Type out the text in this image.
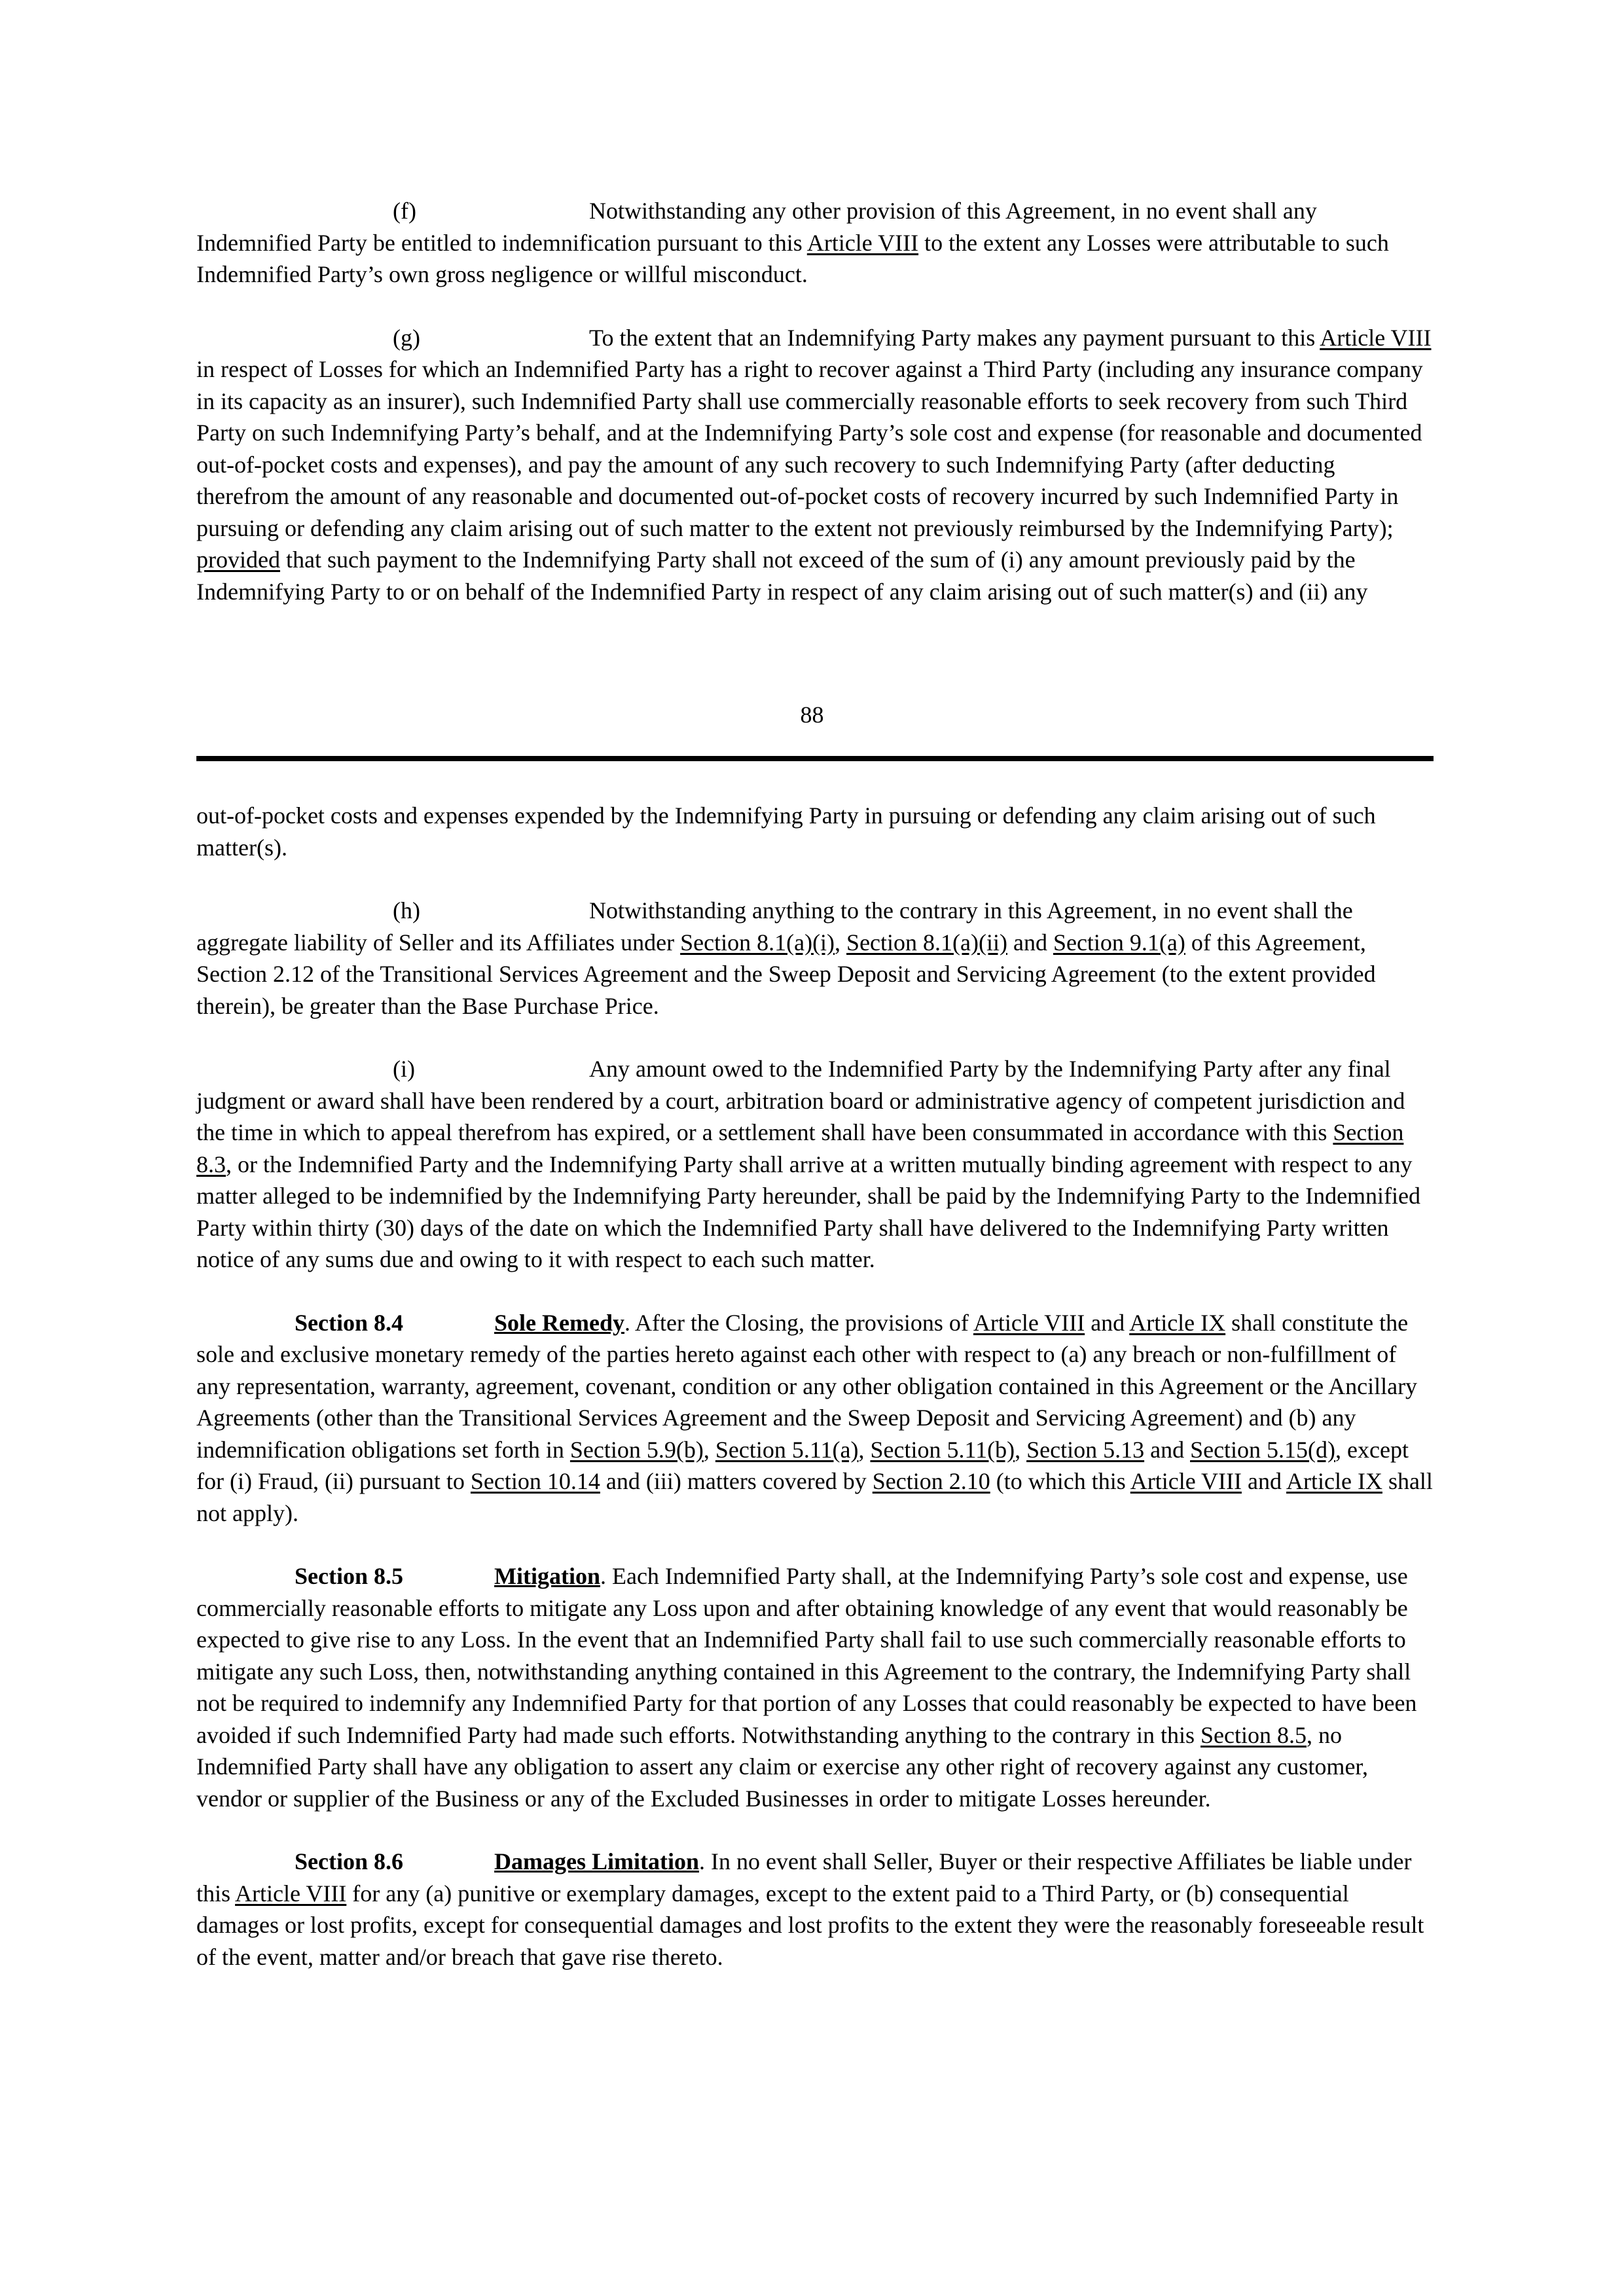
(f)	Notwithstanding any other provision of this Agreement, in no event shall any Indemnified Party be entitled to indemnification pursuant to this Article VIII to the extent any Losses were attributable to such Indemnified Party’s own gross negligence or willful misconduct.

(g)	To the extent that an Indemnifying Party makes any payment pursuant to this Article VIII in respect of Losses for which an Indemnified Party has a right to recover against a Third Party (including any insurance company in its capacity as an insurer), such Indemnified Party shall use commercially reasonable efforts to seek recovery from such Third Party on such Indemnifying Party’s behalf, and at the Indemnifying Party’s sole cost and expense (for reasonable and documented out-of-pocket costs and expenses), and pay the amount of any such recovery to such Indemnifying Party (after deducting therefrom the amount of any reasonable and documented out-of-pocket costs of recovery incurred by such Indemnified Party in pursuing or defending any claim arising out of such matter to the extent not previously reimbursed by the Indemnifying Party); provided that such payment to the Indemnifying Party shall not exceed of the sum of (i) any amount previously paid by the Indemnifying Party to or on behalf of the Indemnified Party in respect of any claim arising out of such matter(s) and (ii) any

88

out-of-pocket costs and expenses expended by the Indemnifying Party in pursuing or defending any claim arising out of such matter(s).

(h)	Notwithstanding anything to the contrary in this Agreement, in no event shall the aggregate liability of Seller and its Affiliates under Section 8.1(a)(i), Section 8.1(a)(ii) and Section 9.1(a) of this Agreement, Section 2.12 of the Transitional Services Agreement and the Sweep Deposit and Servicing Agreement (to the extent provided therein), be greater than the Base Purchase Price.

(i)	Any amount owed to the Indemnified Party by the Indemnifying Party after any final judgment or award shall have been rendered by a court, arbitration board or administrative agency of competent jurisdiction and the time in which to appeal therefrom has expired, or a settlement shall have been consummated in accordance with this Section 8.3, or the Indemnified Party and the Indemnifying Party shall arrive at a written mutually binding agreement with respect to any matter alleged to be indemnified by the Indemnifying Party hereunder, shall be paid by the Indemnifying Party to the Indemnified Party within thirty (30) days of the date on which the Indemnified Party shall have delivered to the Indemnifying Party written notice of any sums due and owing to it with respect to each such matter.

Section 8.4	Sole Remedy. After the Closing, the provisions of Article VIII and Article IX shall constitute the sole and exclusive monetary remedy of the parties hereto against each other with respect to (a) any breach or non-fulfillment of any representation, warranty, agreement, covenant, condition or any other obligation contained in this Agreement or the Ancillary Agreements (other than the Transitional Services Agreement and the Sweep Deposit and Servicing Agreement) and (b) any indemnification obligations set forth in Section 5.9(b), Section 5.11(a), Section 5.11(b), Section 5.13 and Section 5.15(d), except for (i) Fraud, (ii) pursuant to Section 10.14 and (iii) matters covered by Section 2.10 (to which this Article VIII and Article IX shall not apply).

Section 8.5	Mitigation. Each Indemnified Party shall, at the Indemnifying Party’s sole cost and expense, use commercially reasonable efforts to mitigate any Loss upon and after obtaining knowledge of any event that would reasonably be expected to give rise to any Loss. In the event that an Indemnified Party shall fail to use such commercially reasonable efforts to mitigate any such Loss, then, notwithstanding anything contained in this Agreement to the contrary, the Indemnifying Party shall not be required to indemnify any Indemnified Party for that portion of any Losses that could reasonably be expected to have been avoided if such Indemnified Party had made such efforts. Notwithstanding anything to the contrary in this Section 8.5, no Indemnified Party shall have any obligation to assert any claim or exercise any other right of recovery against any customer, vendor or supplier of the Business or any of the Excluded Businesses in order to mitigate Losses hereunder.

Section 8.6	Damages Limitation. In no event shall Seller, Buyer or their respective Affiliates be liable under this Article VIII for any (a) punitive or exemplary damages, except to the extent paid to a Third Party, or (b) consequential damages or lost profits, except for consequential damages and lost profits to the extent they were the reasonably foreseeable result of the event, matter and/or breach that gave rise thereto.
